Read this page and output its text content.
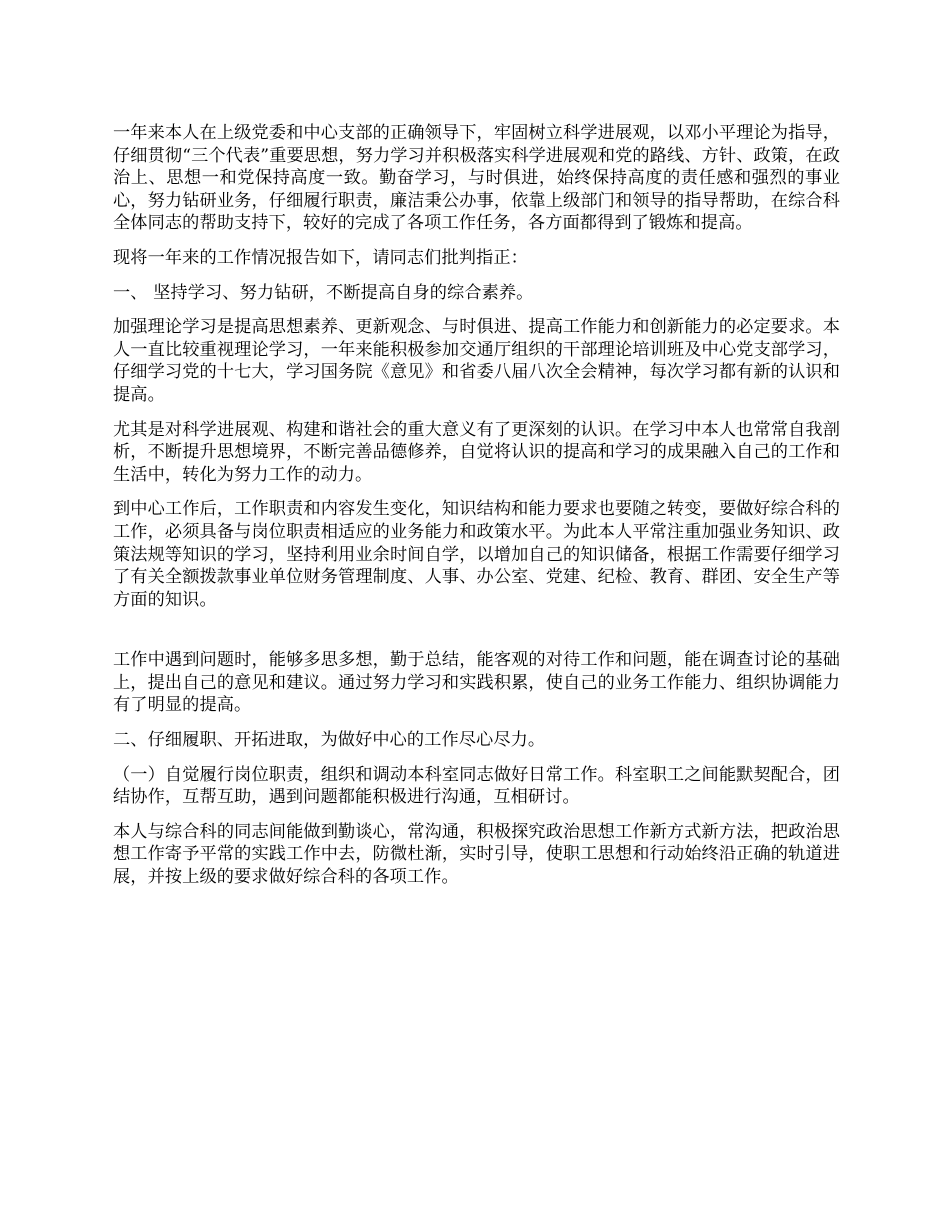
一年来本人在上级党委和中心支部的正确领导下，牢固树立科学进展观，以邓小平理论为指导，仔细贯彻“三个代表”重要思想，努力学习并积极落实科学进展观和党的路线、方针、政策，在政治上、思想一和党保持高度一致。勤奋学习，与时俱进，始终保持高度的责任感和强烈的事业心，努力钻研业务，仔细履行职责，廉洁秉公办事，依靠上级部门和领导的指导帮助，在综合科全体同志的帮助支持下，较好的完成了各项工作任务，各方面都得到了锻炼和提高。

现将一年来的工作情况报告如下，请同志们批判指正：

一、 坚持学习、努力钻研，不断提高自身的综合素养。

加强理论学习是提高思想素养、更新观念、与时俱进、提高工作能力和创新能力的必定要求。本人一直比较重视理论学习，一年来能积极参加交通厅组织的干部理论培训班及中心党支部学习，仔细学习党的十七大，学习国务院《意见》和省委八届八次全会精神，每次学习都有新的认识和提高。

尤其是对科学进展观、构建和谐社会的重大意义有了更深刻的认识。在学习中本人也常常自我剖析，不断提升思想境界，不断完善品德修养，自觉将认识的提高和学习的成果融入自己的工作和生活中，转化为努力工作的动力。

到中心工作后，工作职责和内容发生变化，知识结构和能力要求也要随之转变，要做好综合科的工作，必须具备与岗位职责相适应的业务能力和政策水平。为此本人平常注重加强业务知识、政策法规等知识的学习，坚持利用业余时间自学，以增加自己的知识储备，根据工作需要仔细学习了有关全额拨款事业单位财务管理制度、人事、办公室、党建、纪检、教育、群团、安全生产等方面的知识。

工作中遇到问题时，能够多思多想，勤于总结，能客观的对待工作和问题，能在调查讨论的基础上，提出自己的意见和建议。通过努力学习和实践积累，使自己的业务工作能力、组织协调能力有了明显的提高。

二、仔细履职、开拓进取，为做好中心的工作尽心尽力。

（一）自觉履行岗位职责，组织和调动本科室同志做好日常工作。科室职工之间能默契配合，团结协作，互帮互助，遇到问题都能积极进行沟通，互相研讨。

本人与综合科的同志间能做到勤谈心，常沟通，积极探究政治思想工作新方式新方法，把政治思想工作寄予平常的实践工作中去，防微杜渐，实时引导，使职工思想和行动始终沿正确的轨道进展，并按上级的要求做好综合科的各项工作。
